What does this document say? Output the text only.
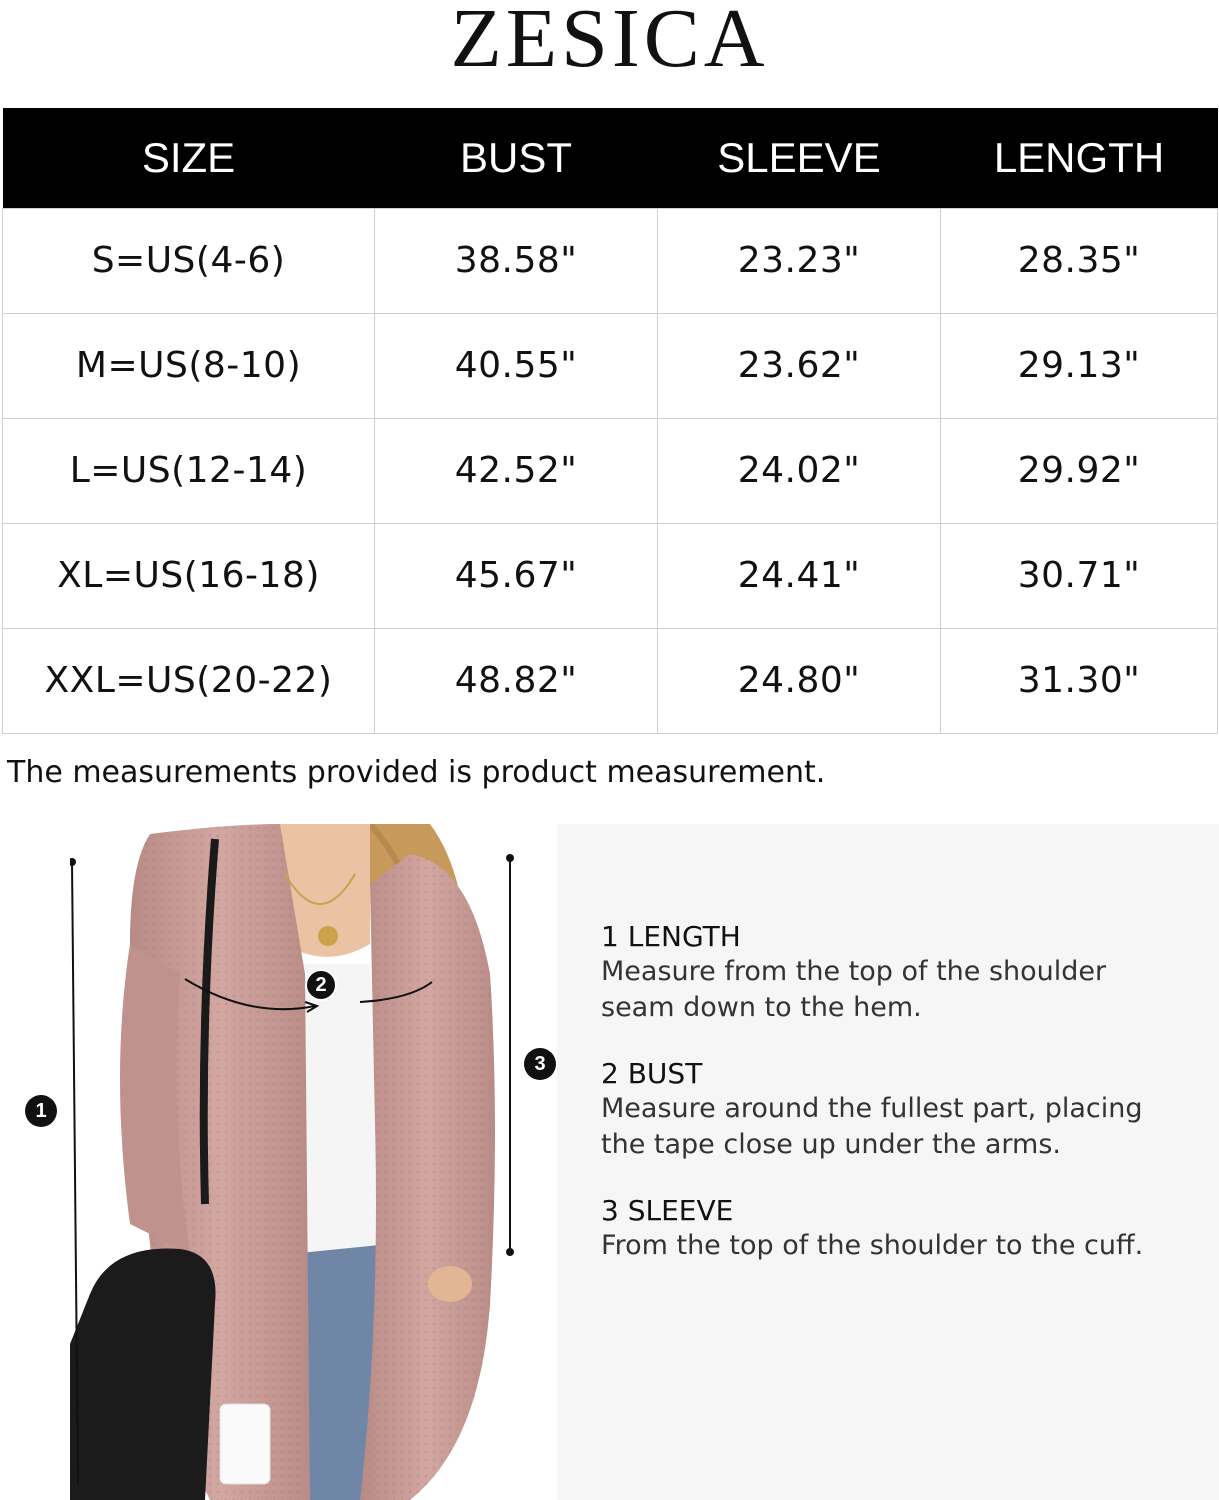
ZESICA
SIZE	BUST	SLEEVE	LENGTH
S=US(4-6)	38.58"	23.23"	28.35"
M=US(8-10)	40.55"	23.62"	29.13"
L=US(12-14)	42.52"	24.02"	29.92"
XL=US(16-18)	45.67"	24.41"	30.71"
XXL=US(20-22)	48.82"	24.80"	31.30"
The measurements provided is product measurement.
1
2
3
1 LENGTH
Measure from the top of the shoulder
seam down to the hem.
2 BUST
Measure around the fullest part, placing
the tape close up under the arms.
3 SLEEVE
From the top of the shoulder to the cuff.
